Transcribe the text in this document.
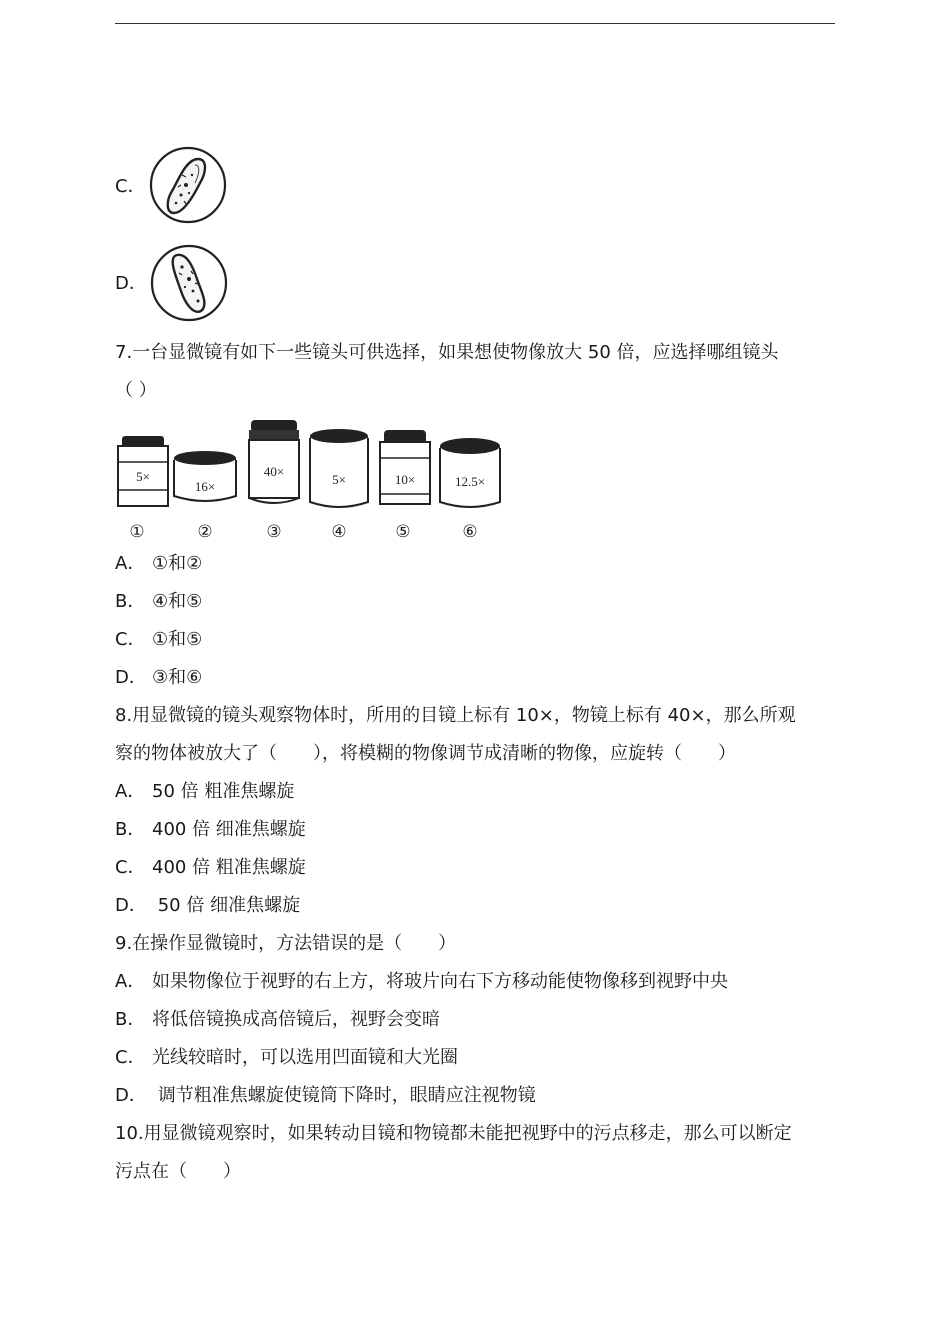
C．
D．
7.一台显微镜有如下一些镜头可供选择，如果想使物像放大 50 倍，应选择哪组镜头
（ ）
5×
①
16×
②
40×
③
5×
④
10×
⑤
12.5×
⑥
A． ①和②
B． ④和⑤
C． ①和⑤
D． ③和⑥
8.用显微镜的镜头观察物体时，所用的目镜上标有 10×，物镜上标有 40×，那么所观
察的物体被放大了（　　），将模糊的物像调节成清晰的物像，应旋转（　　）
A． 50 倍 粗准焦螺旋
B． 400 倍 细准焦螺旋
C． 400 倍 粗准焦螺旋
D． 50 倍 细准焦螺旋
9.在操作显微镜时，方法错误的是（　　）
A． 如果物像位于视野的右上方，将玻片向右下方移动能使物像移到视野中央
B． 将低倍镜换成高倍镜后，视野会变暗
C． 光线较暗时，可以选用凹面镜和大光圈
D． 调节粗准焦螺旋使镜筒下降时，眼睛应注视物镜
10.用显微镜观察时，如果转动目镜和物镜都未能把视野中的污点移走，那么可以断定
污点在（　　）
